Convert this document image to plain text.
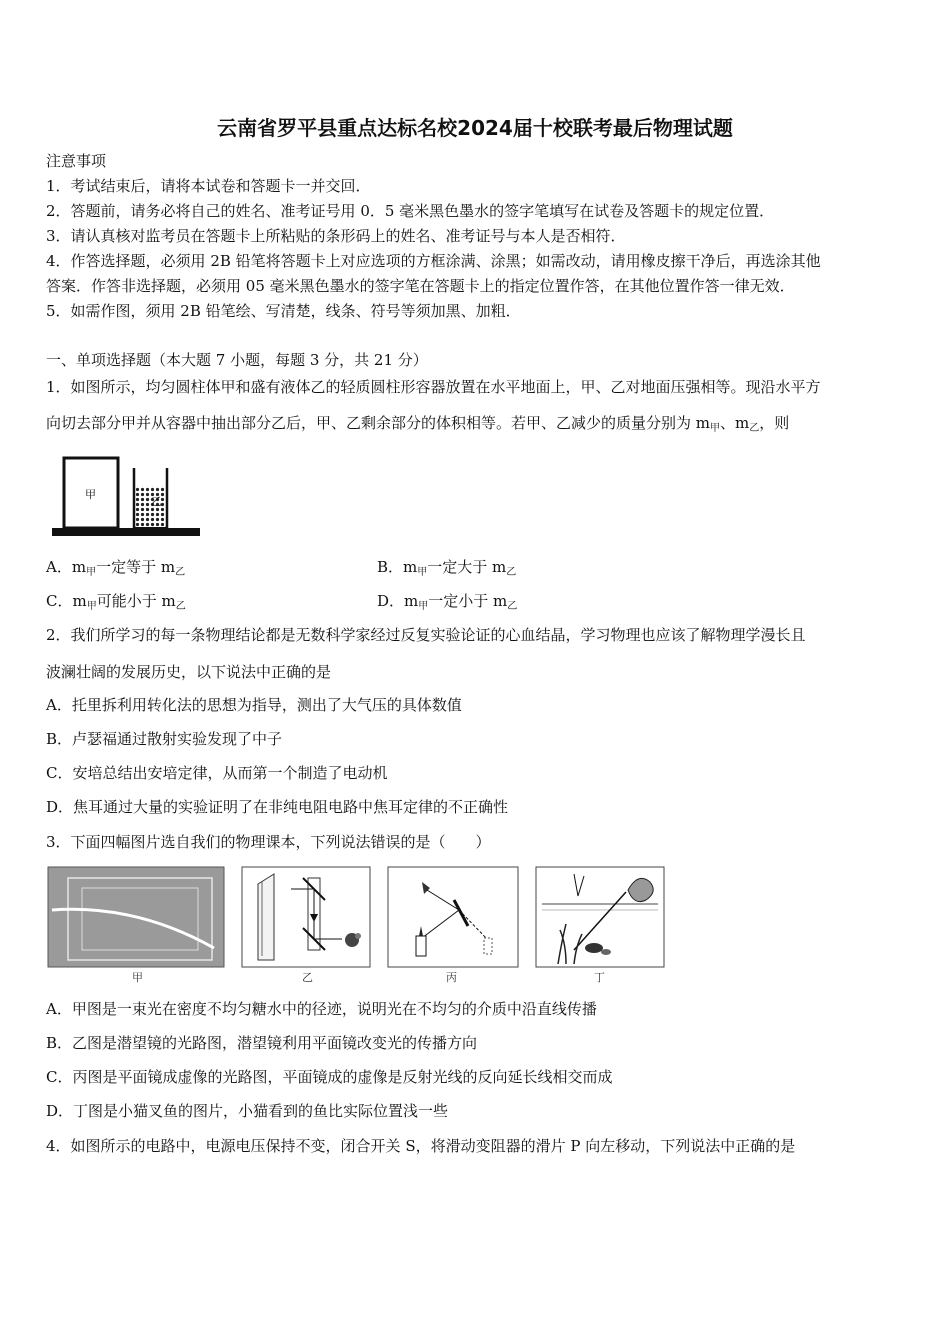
云南省罗平县重点达标名校2024届十校联考最后物理试题
注意事项
1．考试结束后，请将本试卷和答题卡一并交回．
2．答题前，请务必将自己的姓名、准考证号用 0．5 毫米黑色墨水的签字笔填写在试卷及答题卡的规定位置．
3．请认真核对监考员在答题卡上所粘贴的条形码上的姓名、准考证号与本人是否相符．
4．作答选择题，必须用 2B 铅笔将答题卡上对应选项的方框涂满、涂黑；如需改动，请用橡皮擦干净后，再选涂其他
答案．作答非选择题，必须用 05 毫米黑色墨水的签字笔在答题卡上的指定位置作答，在其他位置作答一律无效．
5．如需作图，须用 2B 铅笔绘、写清楚，线条、符号等须加黑、加粗．
一、单项选择题（本大题 7 小题，每题 3 分，共 21 分）
1．如图所示，均匀圆柱体甲和盛有液体乙的轻质圆柱形容器放置在水平地面上，甲、乙对地面压强相等。现沿水平方
向切去部分甲并从容器中抽出部分乙后，甲、乙剩余部分的体积相等。若甲、乙减少的质量分别为 $m_甲$、$m_乙$，则
甲
乙
A．$m_甲$一定等于 $m_乙$	B．$m_甲$一定大于 $m_乙$
C．$m_甲$可能小于 $m_乙$	D．$m_甲$一定小于 $m_乙$
2．我们所学习的每一条物理结论都是无数科学家经过反复实验论证的心血结晶，学习物理也应该了解物理学漫长且
波澜壮阔的发展历史，以下说法中正确的是
A．托里拆利用转化法的思想为指导，测出了大气压的具体数值
B．卢瑟福通过散射实验发现了中子
C．安培总结出安培定律，从而第一个制造了电动机
D．焦耳通过大量的实验证明了在非纯电阻电路中焦耳定律的不正确性
3．下面四幅图片选自我们的物理课本，下列说法错误的是（　　）
甲	乙	丙	丁
A．甲图是一束光在密度不均匀糖水中的径迹，说明光在不均匀的介质中沿直线传播
B．乙图是潜望镜的光路图，潜望镜利用平面镜改变光的传播方向
C．丙图是平面镜成虚像的光路图，平面镜成的虚像是反射光线的反向延长线相交而成
D．丁图是小猫叉鱼的图片，小猫看到的鱼比实际位置浅一些
4．如图所示的电路中，电源电压保持不变，闭合开关 S，将滑动变阻器的滑片 P 向左移动，下列说法中正确的是
